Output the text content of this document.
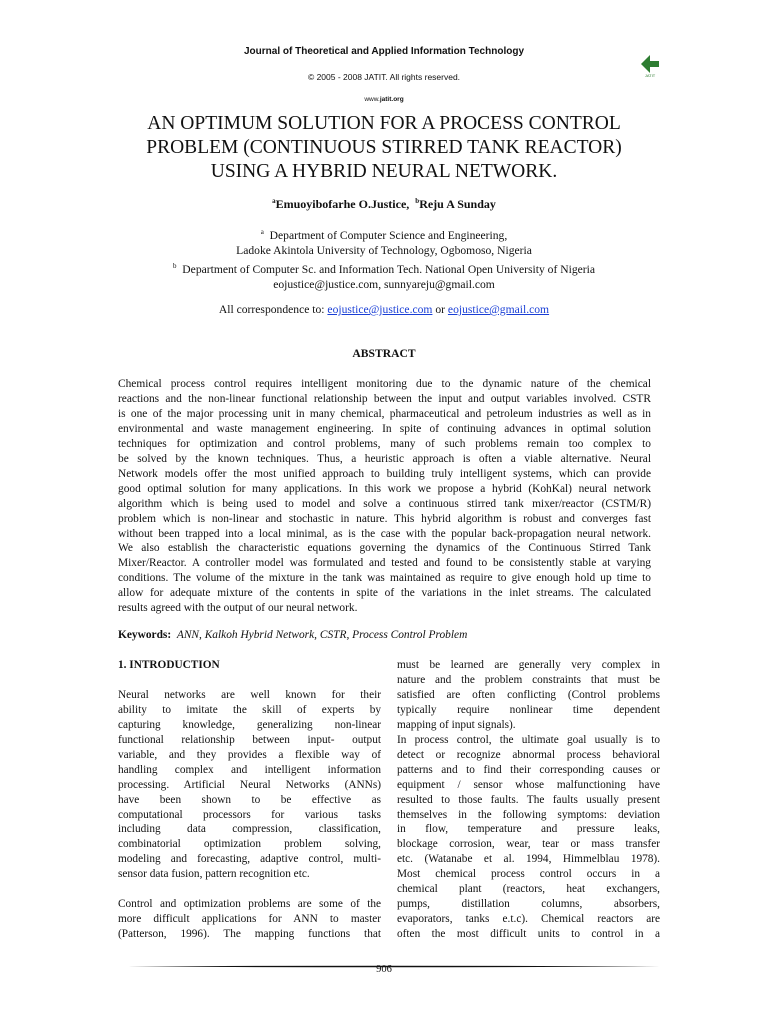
Journal of Theoretical and Applied Information Technology
© 2005 - 2008 JATIT. All rights reserved.	JATIT
www.jatit.org
AN OPTIMUM SOLUTION FOR A PROCESS CONTROL
PROBLEM (CONTINUOUS STIRRED TANK REACTOR)
USING A HYBRID NEURAL NETWORK.
$^a$Emuoyibofarhe O.Justice, $^b$Reju A Sunday
$^a$ Department of Computer Science and Engineering,
Ladoke Akintola University of Technology, Ogbomoso, Nigeria
$^b$ Department of Computer Sc. and Information Tech. National Open University of Nigeria
eojustice@justice.com, sunnyareju@gmail.com
All correspondence to: eojustice@justice.com or eojustice@gmail.com
ABSTRACT
Chemical process control requires intelligent monitoring due to the dynamic nature of the chemical
reactions and the non-linear functional relationship between the input and output variables involved. CSTR
is one of the major processing unit in many chemical, pharmaceutical and petroleum industries as well as in
environmental and waste management engineering. In spite of continuing advances in optimal solution
techniques for optimization and control problems, many of such problems remain too complex to
be solved by the known techniques. Thus, a heuristic approach is often a viable alternative. Neural
Network models offer the most unified approach to building truly intelligent systems, which can provide
good optimal solution for many applications. In this work we propose a hybrid (KohKal) neural network
algorithm which is being used to model and solve a continuous stirred tank mixer/reactor (CSTM/R)
problem which is non-linear and stochastic in nature. This hybrid algorithm is robust and converges fast
without been trapped into a local minimal, as is the case with the popular back-propagation neural network.
We also establish the characteristic equations governing the dynamics of the Continuous Stirred Tank
Mixer/Reactor. A controller model was formulated and tested and found to be consistently stable at varying
conditions. The volume of the mixture in the tank was maintained as require to give enough hold up time to
allow for adequate mixture of the contents in spite of the variations in the inlet streams. The calculated
results agreed with the output of our neural network.
Keywords: ANN, Kalkoh Hybrid Network, CSTR, Process Control Problem
1. INTRODUCTION
Neural networks are well known for their
ability to imitate the skill of experts by
capturing knowledge, generalizing non-linear
functional relationship between input- output
variable, and they provides a flexible way of
handling complex and intelligent information
processing. Artificial Neural Networks (ANNs)
have been shown to be effective as
computational processors for various tasks
including data compression, classification,
combinatorial optimization problem solving,
modeling and forecasting, adaptive control, multi-
sensor data fusion, pattern recognition etc.
Control and optimization problems are some of the
more difficult applications for ANN to master
(Patterson, 1996). The mapping functions that
must be learned are generally very complex in
nature and the problem constraints that must be
satisfied are often conflicting (Control problems
typically require nonlinear time dependent
mapping of input signals).
In process control, the ultimate goal usually is to
detect or recognize abnormal process behavioral
patterns and to find their corresponding causes or
equipment / sensor whose malfunctioning have
resulted to those faults. The faults usually present
themselves in the following symptoms: deviation
in flow, temperature and pressure leaks,
blockage corrosion, wear, tear or mass transfer
etc. (Watanabe et al. 1994, Himmelblau 1978).
Most chemical process control occurs in a
chemical plant (reactors, heat exchangers,
pumps, distillation columns, absorbers,
evaporators, tanks e.t.c). Chemical reactors are
often the most difficult units to control in a
906
